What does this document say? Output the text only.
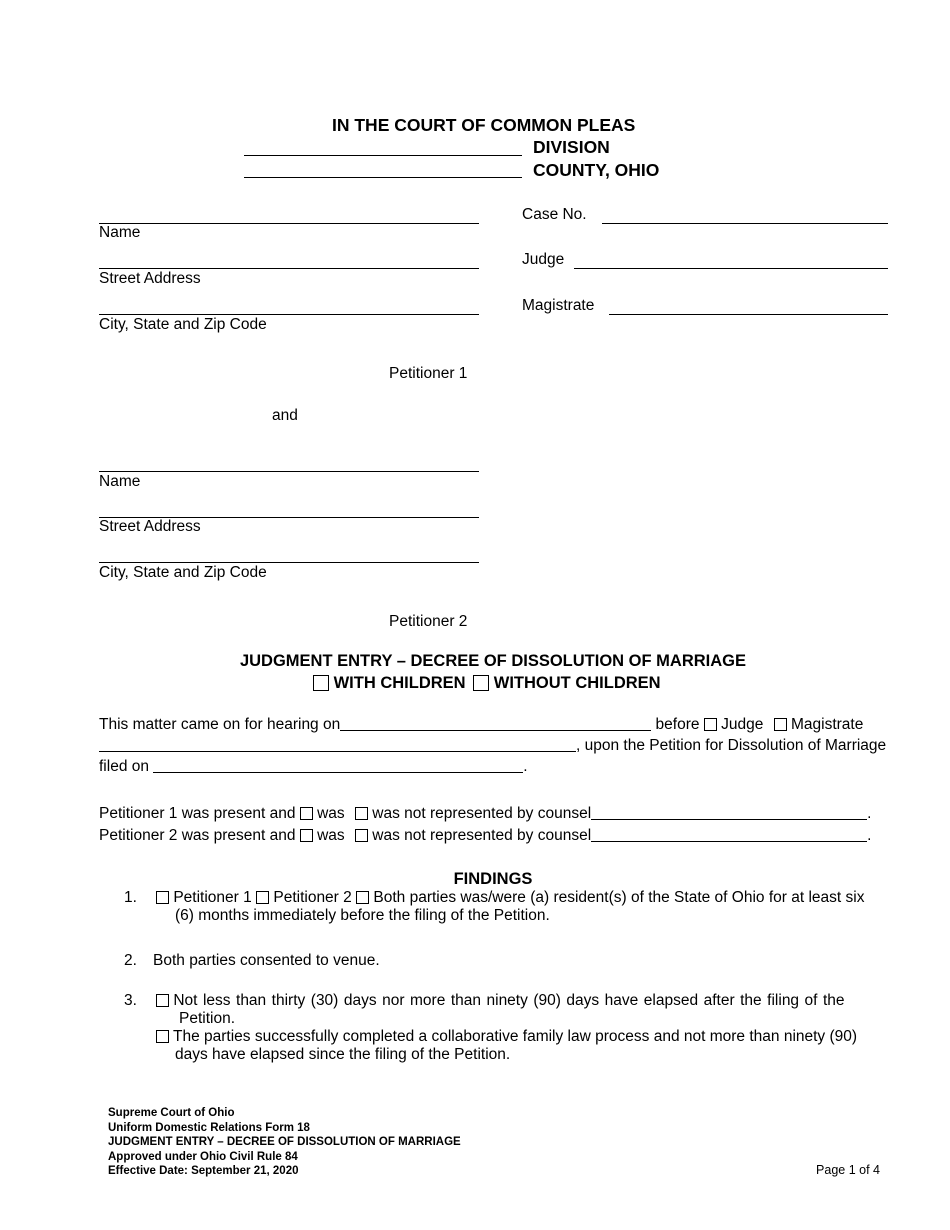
IN THE COURT OF COMMON PLEAS
DIVISION
COUNTY, OHIO
Case No.
Judge
Magistrate
Name
Street Address
City, State and Zip Code
Petitioner 1
and
Name
Street Address
City, State and Zip Code
Petitioner 2
JUDGMENT ENTRY – DECREE OF DISSOLUTION OF MARRIAGE
WITH CHILDREN WITHOUT CHILDREN
This matter came on for hearing on	before Judge Magistrate
, upon the Petition for Dissolution of Marriage
filed on	.
Petitioner 1 was present and was was not represented by counsel	.
Petitioner 2 was present and was was not represented by counsel	.
FINDINGS
1.	Petitioner 1 Petitioner 2 Both parties was/were (a) resident(s) of the State of Ohio for at least six
(6) months immediately before the filing of the Petition.
2. Both parties consented to venue.
3.	Not less than thirty (30) days nor more than ninety (90) days have elapsed after the filing of the
Petition.
The parties successfully completed a collaborative family law process and not more than ninety (90)
days have elapsed since the filing of the Petition.
Supreme Court of Ohio
Uniform Domestic Relations Form 18
JUDGMENT ENTRY – DECREE OF DISSOLUTION OF MARRIAGE
Approved under Ohio Civil Rule 84
Effective Date: September 21, 2020	Page 1 of 4
